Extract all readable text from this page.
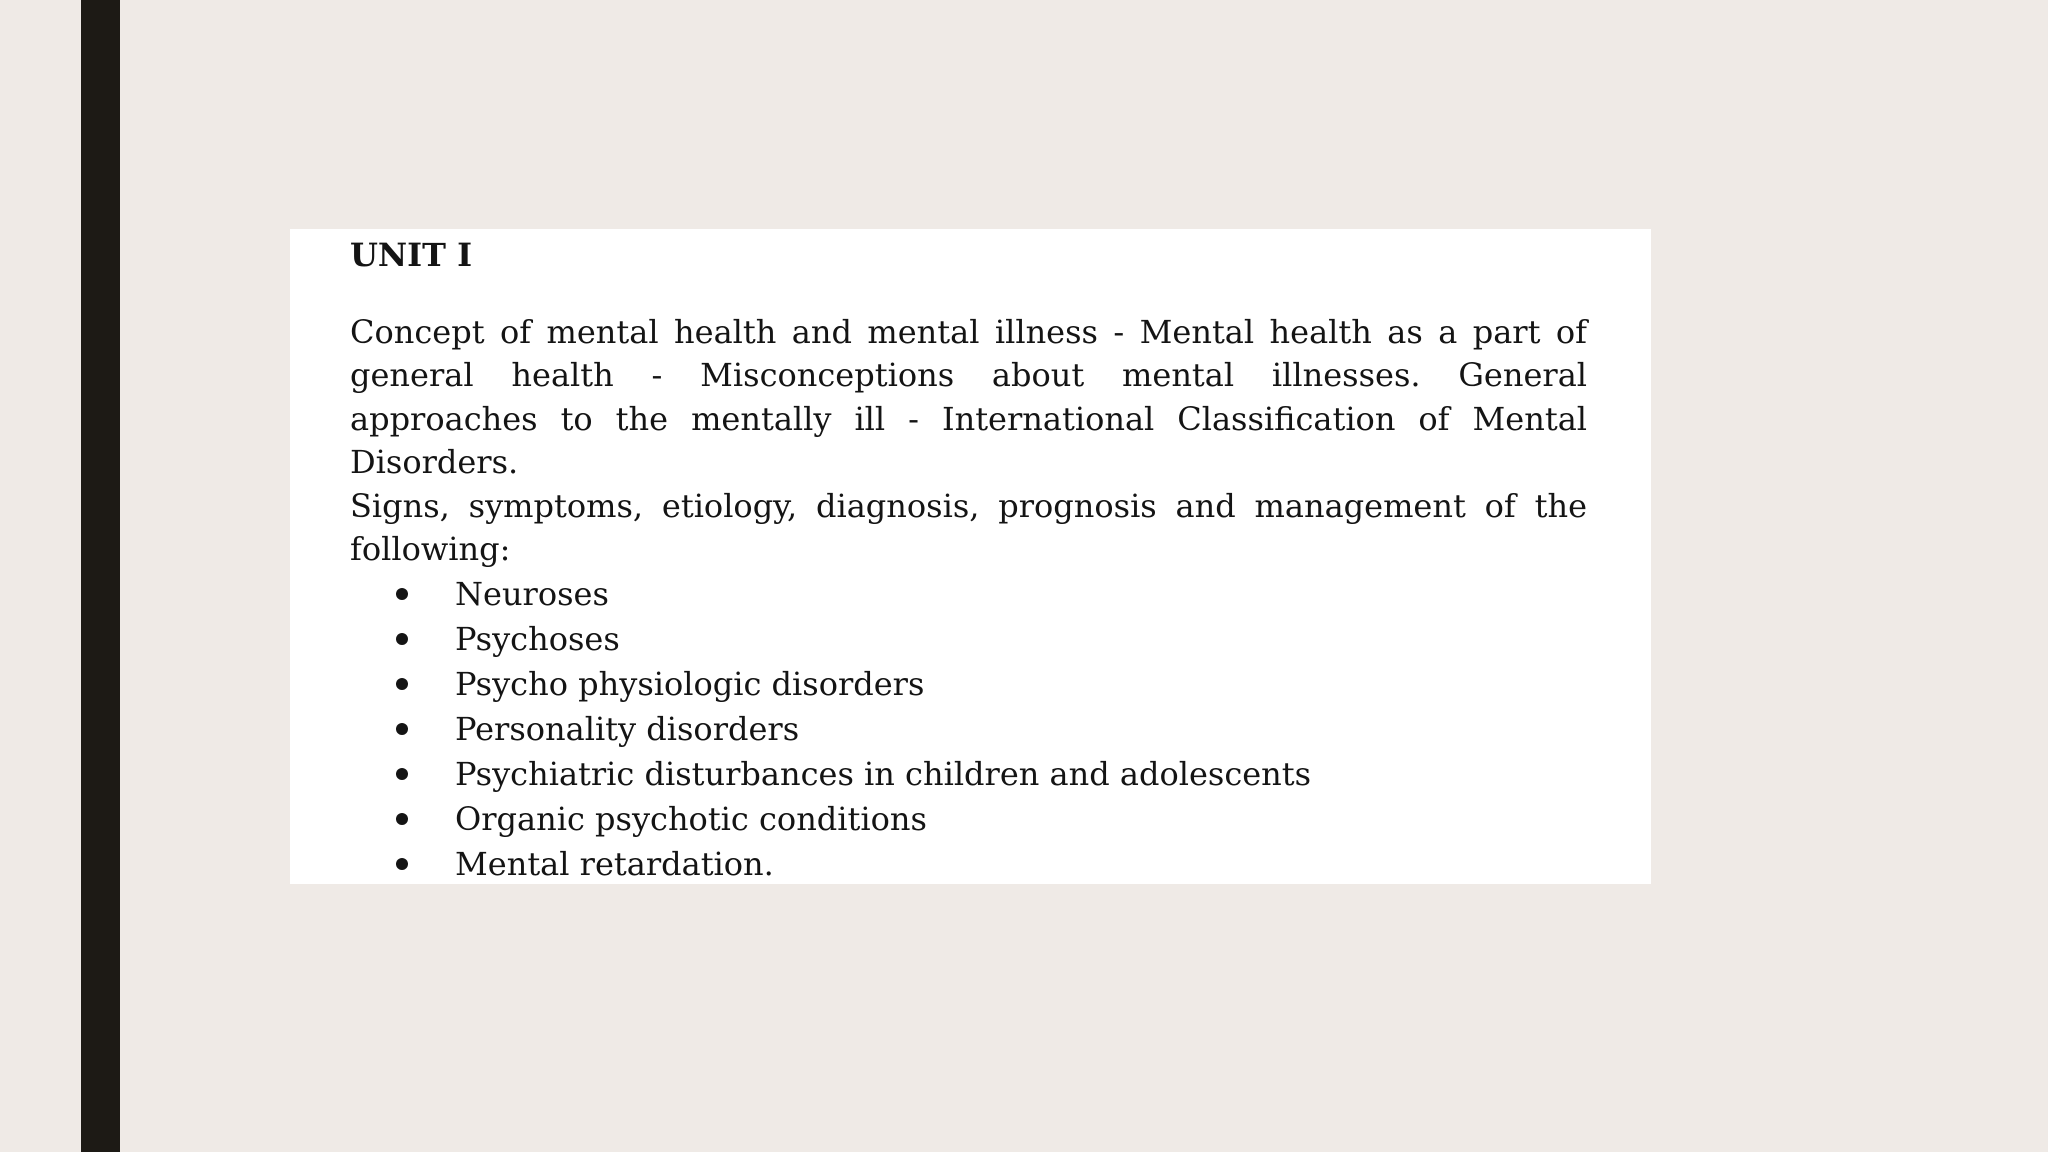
UNIT I

Concept of mental health and mental illness - Mental health as a part of general health - Misconceptions about mental illnesses. General approaches to the mentally ill - International Classification of Mental Disorders.

Signs, symptoms, etiology, diagnosis, prognosis and management of the following:

Neuroses
Psychoses
Psycho physiologic disorders
Personality disorders
Psychiatric disturbances in children and adolescents
Organic psychotic conditions
Mental retardation.
